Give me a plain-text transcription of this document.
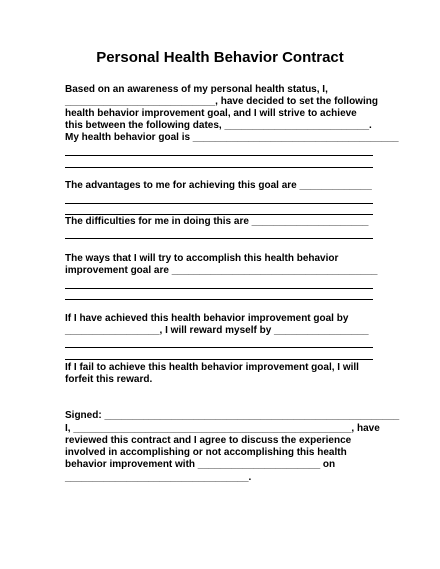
Personal Health Behavior Contract
Based on an awareness of my personal health status, I,
___________________________, have decided to set the following
health behavior improvement goal, and I will strive to achieve
this between the following dates, __________________________.
My health behavior goal is _____________________________________
The advantages to me for achieving this goal are _____________
The difficulties for me in doing this are _____________________
The ways that I will try to accomplish this health behavior
improvement goal are _____________________________________
If I have achieved this health behavior improvement goal by
_________________, I will reward myself by _________________
If I fail to achieve this health behavior improvement goal, I will
forfeit this reward.
Signed: _____________________________________________________
I, __________________________________________________, have
reviewed this contract and I agree to discuss the experience
involved in accomplishing or not accomplishing this health
behavior improvement with ______________________ on
_________________________________.
